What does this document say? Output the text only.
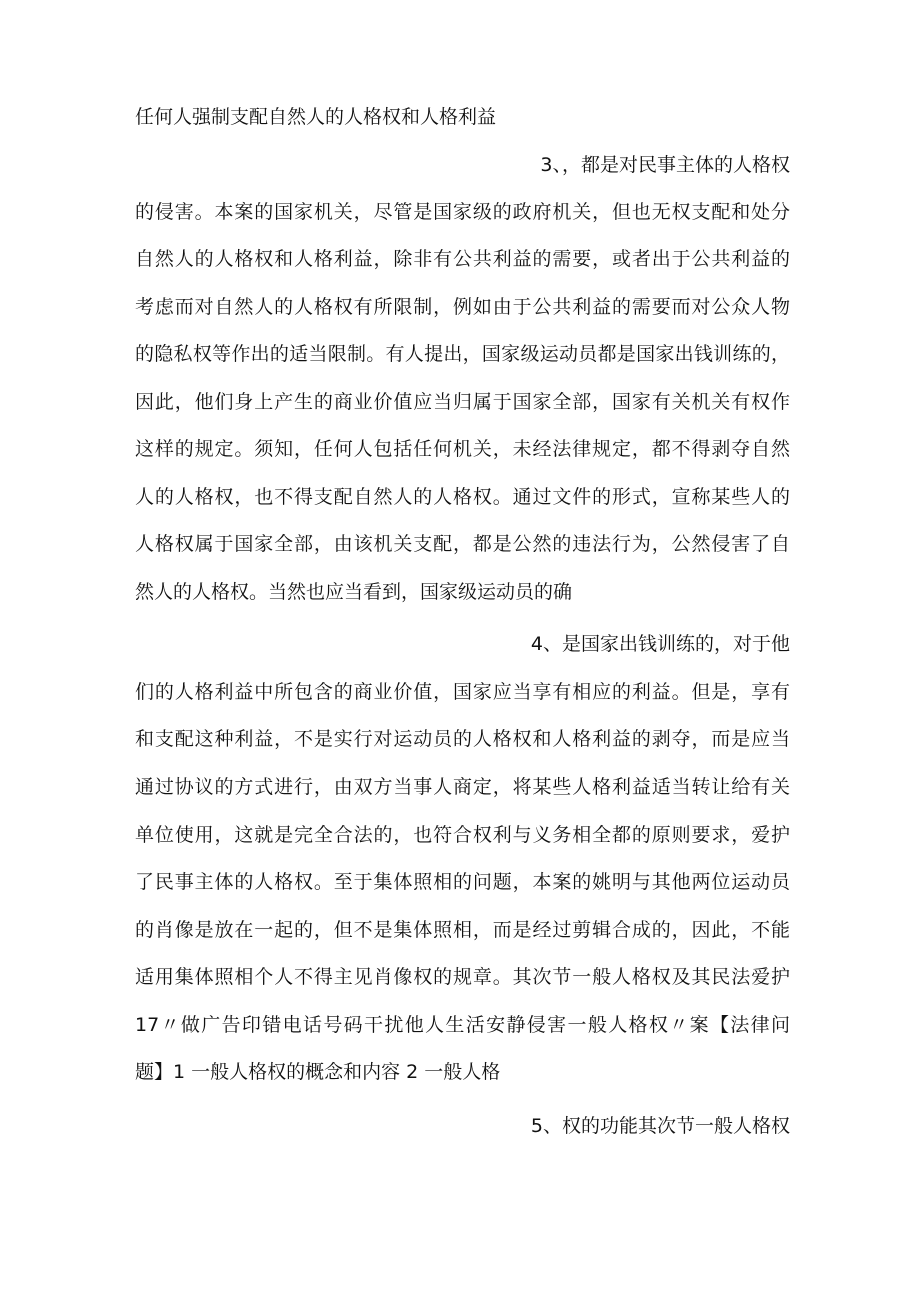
任何人强制支配自然人的人格权和人格利益
3、，都是对民事主体的人格权
的侵害。本案的国家机关，尽管是国家级的政府机关，但也无权支配和处分
自然人的人格权和人格利益，除非有公共利益的需要，或者出于公共利益的
考虑而对自然人的人格权有所限制，例如由于公共利益的需要而对公众人物
的隐私权等作出的适当限制。有人提出，国家级运动员都是国家出钱训练的，
因此，他们身上产生的商业价值应当归属于国家全部，国家有关机关有权作
这样的规定。须知，任何人包括任何机关，未经法律规定，都不得剥夺自然
人的人格权，也不得支配自然人的人格权。通过文件的形式，宣称某些人的
人格权属于国家全部，由该机关支配，都是公然的违法行为，公然侵害了自
然人的人格权。当然也应当看到，国家级运动员的确
4、是国家出钱训练的，对于他
们的人格利益中所包含的商业价值，国家应当享有相应的利益。但是，享有
和支配这种利益，不是实行对运动员的人格权和人格利益的剥夺，而是应当
通过协议的方式进行，由双方当事人商定，将某些人格利益适当转让给有关
单位使用，这就是完全合法的，也符合权利与义务相全都的原则要求，爱护
了民事主体的人格权。至于集体照相的问题，本案的姚明与其他两位运动员
的肖像是放在一起的，但不是集体照相，而是经过剪辑合成的，因此，不能
适用集体照相个人不得主见肖像权的规章。其次节一般人格权及其民法爱护
17〃做广告印错电话号码干扰他人生活安静侵害一般人格权〃案【法律问
题】1 一般人格权的概念和内容 2 一般人格
5、权的功能其次节一般人格权
